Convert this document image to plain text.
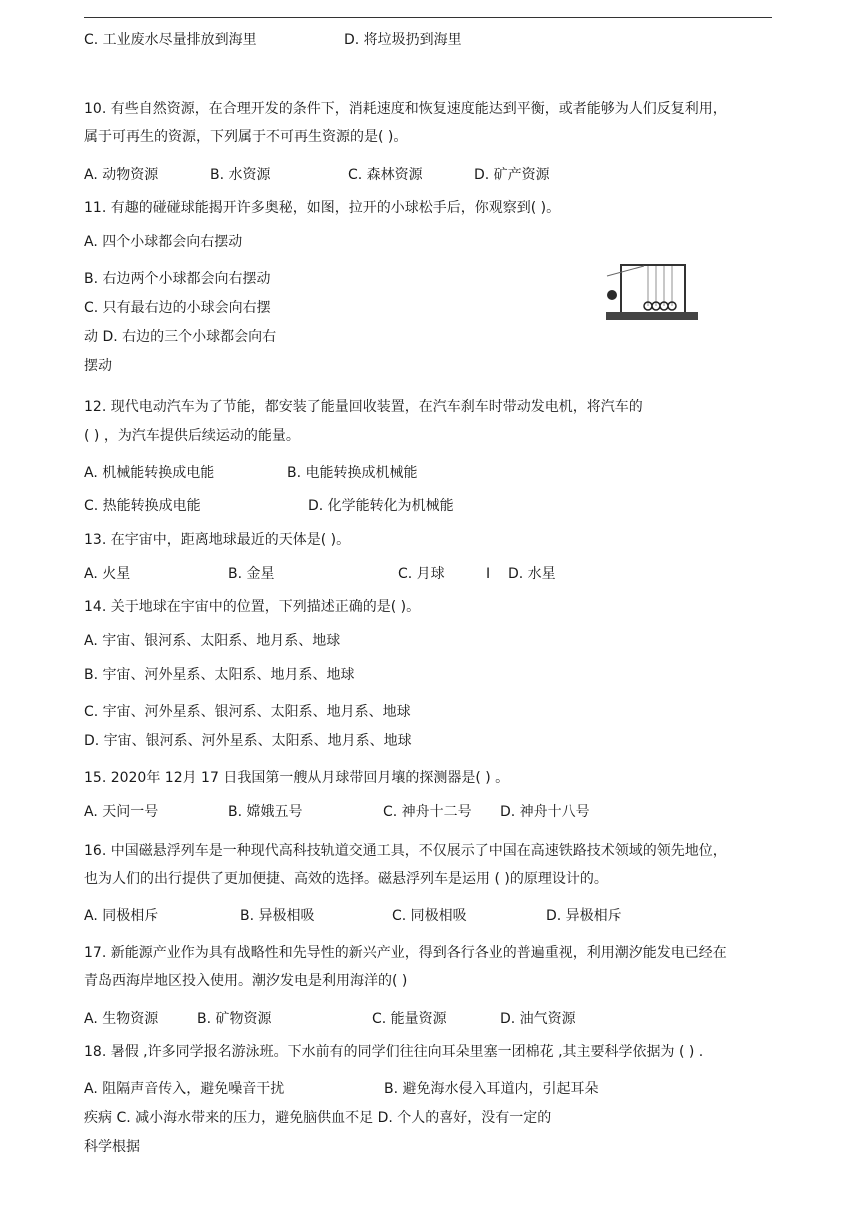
C. 工业废水尽量排放到海里	D. 将垃圾扔到海里
10. 有些自然资源，在合理开发的条件下，消耗速度和恢复速度能达到平衡，或者能够为人们反复利用，
属于可再生的资源，下列属于不可再生资源的是( )。
A. 动物资源	B. 水资源	C. 森林资源	D. 矿产资源
11. 有趣的碰碰球能揭开许多奥秘，如图，拉开的小球松手后，你观察到( )。
A. 四个小球都会向右摆动
B. 右边两个小球都会向右摆动
C. 只有最右边的小球会向右摆
动 D. 右边的三个小球都会向右
摆动
12. 现代电动汽车为了节能，都安装了能量回收装置，在汽车刹车时带动发电机，将汽车的
( ) ，为汽车提供后续运动的能量。
A. 机械能转换成电能	B. 电能转换成机械能
C. 热能转换成电能	D. 化学能转化为机械能
13. 在宇宙中，距离地球最近的天体是( )。
A. 火星	B. 金星	C. 月球	I D. 水星
14. 关于地球在宇宙中的位置，下列描述正确的是( )。
A. 宇宙、银河系、太阳系、地月系、地球
B. 宇宙、河外星系、太阳系、地月系、地球
C. 宇宙、河外星系、银河系、太阳系、地月系、地球
D. 宇宙、银河系、河外星系、太阳系、地月系、地球
15. 2020年 12月 17 日我国第一艘从月球带回月壤的探测器是( ) 。
A. 天问一号	B. 嫦娥五号	C. 神舟十二号 D. 神舟十八号
16. 中国磁悬浮列车是一种现代高科技轨道交通工具，不仅展示了中国在高速铁路技术领域的领先地位，
也为人们的出行提供了更加便捷、高效的选择。磁悬浮列车是运用 ( )的原理设计的。
A. 同极相斥	B. 异极相吸	C. 同极相吸	D. 异极相斥
17. 新能源产业作为具有战略性和先导性的新兴产业，得到各行各业的普遍重视，利用潮汐能发电已经在
青岛西海岸地区投入使用。潮汐发电是利用海洋的( )
A. 生物资源	B. 矿物资源	C. 能量资源	D. 油气资源
18. 暑假 ,许多同学报名游泳班。下水前有的同学们往往向耳朵里塞一团棉花 ,其主要科学依据为 ( ) .
A. 阻隔声音传入，避免噪音干扰	B. 避免海水侵入耳道内，引起耳朵
疾病 C. 减小海水带来的压力，避免脑供血不足 D. 个人的喜好，没有一定的
科学根据
